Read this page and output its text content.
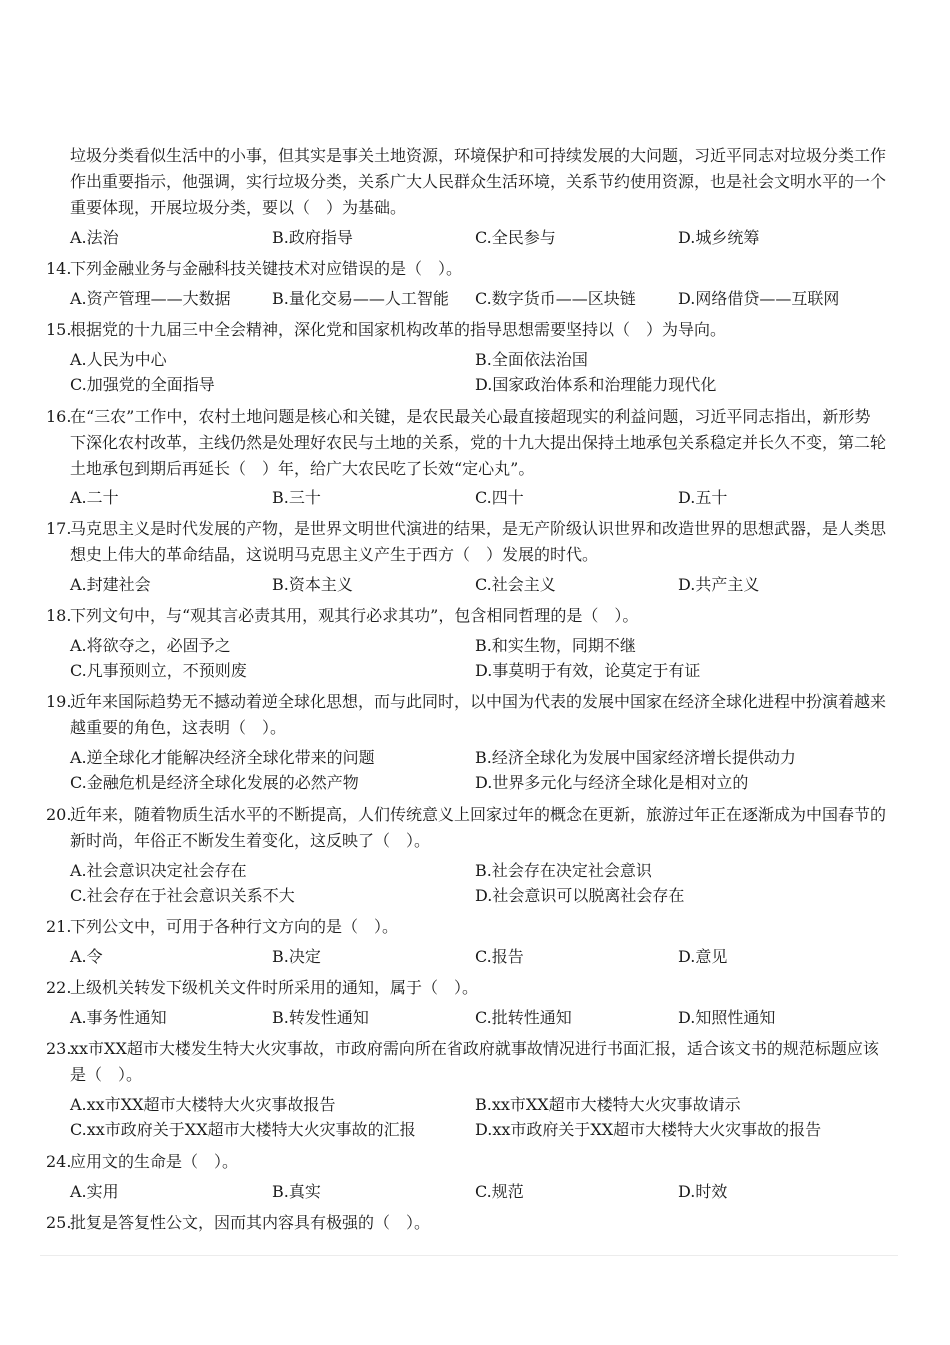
垃圾分类看似生活中的小事，但其实是事关土地资源，环境保护和可持续发展的大问题，习近平同志对垃圾分类工作作出重要指示，他强调，实行垃圾分类，关系广大人民群众生活环境，关系节约使用资源，也是社会文明水平的一个重要体现，开展垃圾分类，要以（　）为基础。
A.法治	B.政府指导	C.全民参与	D.城乡统筹
14.
下列金融业务与金融科技关键技术对应错误的是（　）。
A.资产管理——大数据	B.量化交易——人工智能 C.数字货币——区块链	D.网络借贷——互联网
15.
根据党的十九届三中全会精神，深化党和国家机构改革的指导思想需要坚持以（　）为导向。
A.人民为中心	B.全面依法治国
C.加强党的全面指导	D.国家政治体系和治理能力现代化
16.
在“三农”工作中，农村土地问题是核心和关键，是农民最关心最直接超现实的利益问题，习近平同志指出，新形势下深化农村改革，主线仍然是处理好农民与土地的关系，党的十九大提出保持土地承包关系稳定并长久不变，第二轮土地承包到期后再延长（　）年，给广大农民吃了长效“定心丸”。
A.二十	B.三十	C.四十	D.五十
17.
马克思主义是时代发展的产物，是世界文明世代演进的结果，是无产阶级认识世界和改造世界的思想武器，是人类思想史上伟大的革命结晶，这说明马克思主义产生于西方（　）发展的时代。
A.封建社会	B.资本主义	C.社会主义	D.共产主义
18.
下列文句中，与“观其言必责其用，观其行必求其功”，包含相同哲理的是（　）。
A.将欲夺之，必固予之	B.和实生物，同期不继
C.凡事预则立，不预则废	D.事莫明于有效，论莫定于有证
19.
近年来国际趋势无不撼动着逆全球化思想，而与此同时，以中国为代表的发展中国家在经济全球化进程中扮演着越来越重要的角色，这表明（　）。
A.逆全球化才能解决经济全球化带来的问题	B.经济全球化为发展中国家经济增长提供动力
C.金融危机是经济全球化发展的必然产物	D.世界多元化与经济全球化是相对立的
20.
近年来，随着物质生活水平的不断提高，人们传统意义上回家过年的概念在更新，旅游过年正在逐渐成为中国春节的新时尚，年俗正不断发生着变化，这反映了（　）。
A.社会意识决定社会存在	B.社会存在决定社会意识
C.社会存在于社会意识关系不大	D.社会意识可以脱离社会存在
21.
下列公文中，可用于各种行文方向的是（　）。
A.令	B.决定	C.报告	D.意见
22.
上级机关转发下级机关文件时所采用的通知，属于（　）。
A.事务性通知	B.转发性通知	C.批转性通知	D.知照性通知
23.
xx市XX超市大楼发生特大火灾事故，市政府需向所在省政府就事故情况进行书面汇报，适合该文书的规范标题应该是（　）。
A.xx市XX超市大楼特大火灾事故报告	B.xx市XX超市大楼特大火灾事故请示
C.xx市政府关于XX超市大楼特大火灾事故的汇报	D.xx市政府关于XX超市大楼特大火灾事故的报告
24.
应用文的生命是（　）。
A.实用	B.真实	C.规范	D.时效
25.
批复是答复性公文，因而其内容具有极强的（　）。
